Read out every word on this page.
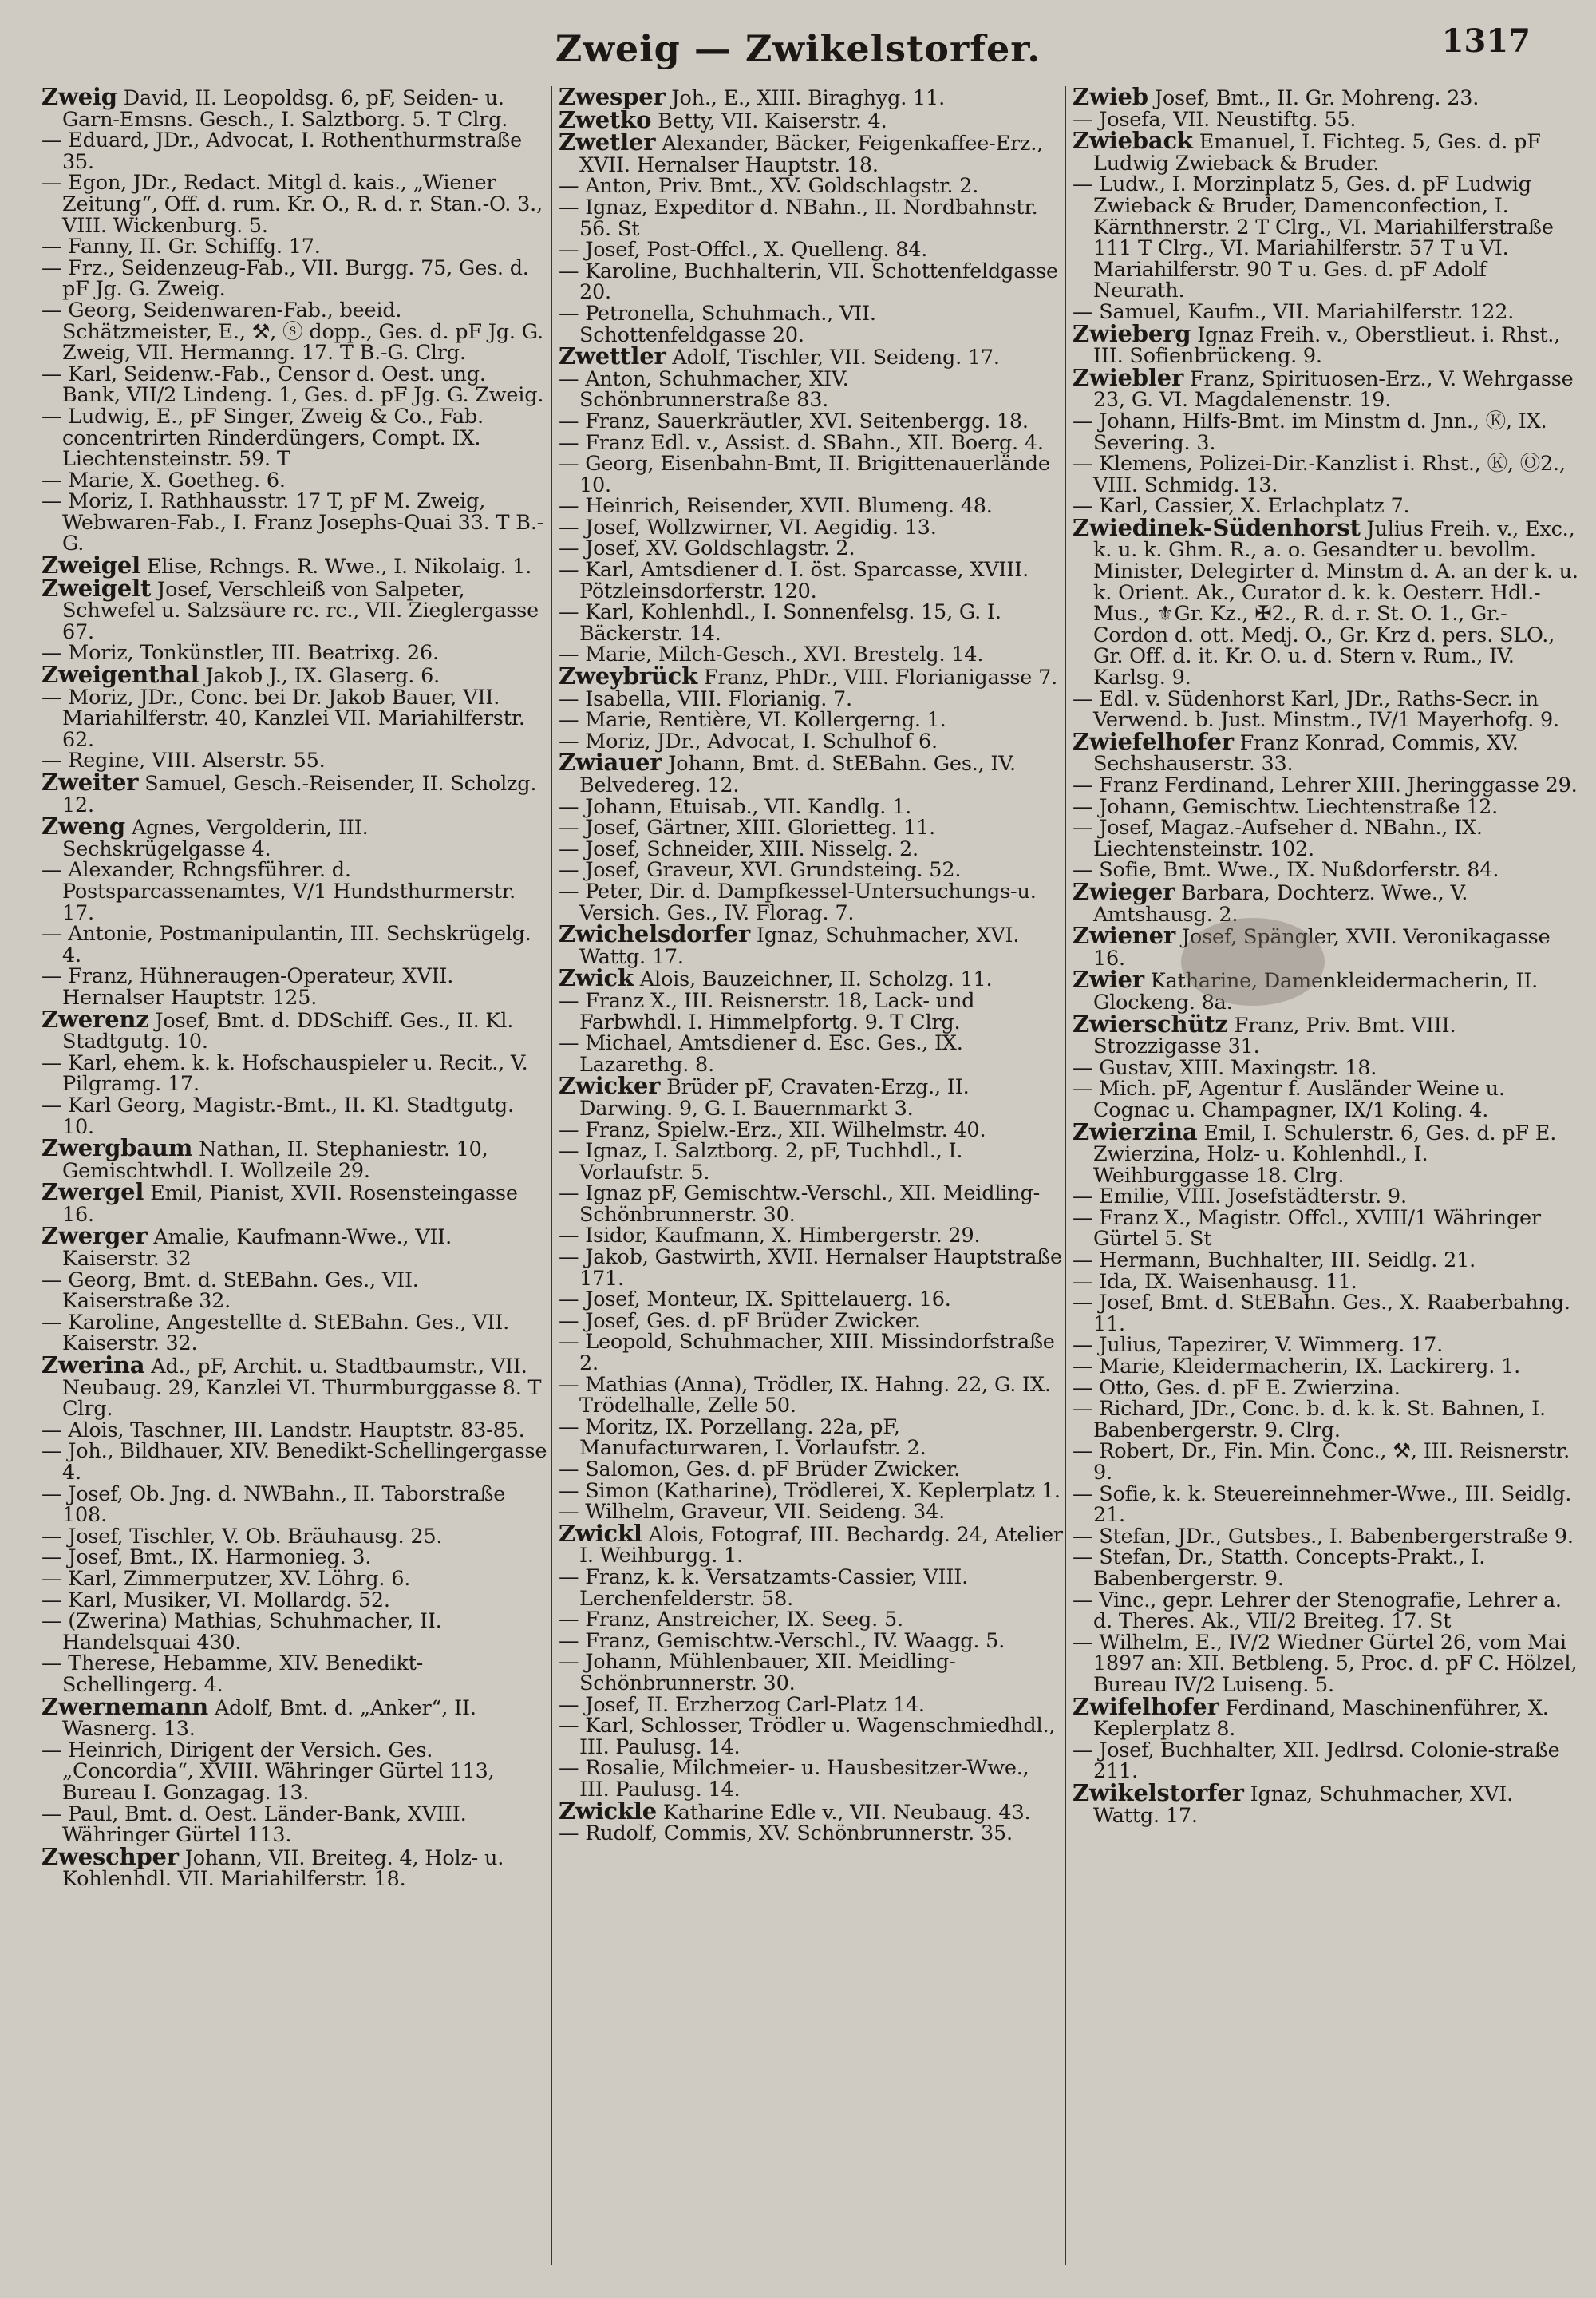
Zweig — Zwikelstorfer.	1317

Zweig David, II. Leopoldsg. 6, pF, Seiden- u. Garn-Emsns. Gesch., I. Salztborg. 5. T Clrg.

— Eduard, JDr., Advocat, I. Rothenthurmstraße 35.

— Egon, JDr., Redact. Mitgl d. kais., „Wiener Zeitung“, Off. d. rum. Kr. O., R. d. r. Stan.-O. 3., VIII. Wickenburg. 5.

— Fanny, II. Gr. Schiffg. 17.

— Frz., Seidenzeug-Fab., VII. Burgg. 75, Ges. d. pF Jg. G. Zweig.

— Georg, Seidenwaren-Fab., beeid. Schätzmeister, E., ⚒, ⓢ dopp., Ges. d. pF Jg. G. Zweig, VII. Hermanng. 17. T B.-G. Clrg.

— Karl, Seidenw.-Fab., Censor d. Oest. ung. Bank, VII/2 Lindeng. 1, Ges. d. pF Jg. G. Zweig.

— Ludwig, E., pF Singer, Zweig & Co., Fab. concentrirten Rinderdüngers, Compt. IX. Liechtensteinstr. 59. T

— Marie, X. Goetheg. 6.

— Moriz, I. Rathhausstr. 17 T, pF M. Zweig, Webwaren-Fab., I. Franz Josephs-Quai 33. T B.-G.

Zweigel Elise, Rchngs. R. Wwe., I. Nikolaig. 1.

Zweigelt Josef, Verschleiß von Salpeter, Schwefel u. Salzsäure rc. rc., VII. Zieglergasse 67.

— Moriz, Tonkünstler, III. Beatrixg. 26.

Zweigenthal Jakob J., IX. Glaserg. 6.

— Moriz, JDr., Conc. bei Dr. Jakob Bauer, VII. Mariahilferstr. 40, Kanzlei VII. Mariahilferstr. 62.

— Regine, VIII. Alserstr. 55.

Zweiter Samuel, Gesch.-Reisender, II. Scholzg. 12.

Zweng Agnes, Vergolderin, III. Sechskrügelgasse 4.

— Alexander, Rchngsführer. d. Postsparcassenamtes, V/1 Hundsthurmerstr. 17.

— Antonie, Postmanipulantin, III. Sechskrügelg. 4.

— Franz, Hühneraugen-Operateur, XVII. Hernalser Hauptstr. 125.

Zwerenz Josef, Bmt. d. DDSchiff. Ges., II. Kl. Stadtgutg. 10.

— Karl, ehem. k. k. Hofschauspieler u. Recit., V. Pilgramg. 17.

— Karl Georg, Magistr.-Bmt., II. Kl. Stadtgutg. 10.

Zwergbaum Nathan, II. Stephaniestr. 10, Gemischtwhdl. I. Wollzeile 29.

Zwergel Emil, Pianist, XVII. Rosensteingasse 16.

Zwerger Amalie, Kaufmann-Wwe., VII. Kaiserstr. 32

— Georg, Bmt. d. StEBahn. Ges., VII. Kaiserstraße 32.

— Karoline, Angestellte d. StEBahn. Ges., VII. Kaiserstr. 32.

Zwerina Ad., pF, Archit. u. Stadtbaumstr., VII. Neubaug. 29, Kanzlei VI. Thurmburggasse 8. T Clrg.

— Alois, Taschner, III. Landstr. Hauptstr. 83-85.

— Joh., Bildhauer, XIV. Benedikt-Schellingergasse 4.

— Josef, Ob. Jng. d. NWBahn., II. Taborstraße 108.

— Josef, Tischler, V. Ob. Bräuhausg. 25.

— Josef, Bmt., IX. Harmonieg. 3.

— Karl, Zimmerputzer, XV. Löhrg. 6.

— Karl, Musiker, VI. Mollardg. 52.

— (Zwerina) Mathias, Schuhmacher, II. Handelsquai 430.

— Therese, Hebamme, XIV. Benedikt-Schellingerg. 4.

Zwernemann Adolf, Bmt. d. „Anker“, II. Wasnerg. 13.

— Heinrich, Dirigent der Versich. Ges. „Concordia“, XVIII. Währinger Gürtel 113, Bureau I. Gonzagag. 13.

— Paul, Bmt. d. Oest. Länder-Bank, XVIII. Währinger Gürtel 113.

Zweschper Johann, VII. Breiteg. 4, Holz- u. Kohlenhdl. VII. Mariahilferstr. 18.

Zwesper Joh., E., XIII. Biraghyg. 11.

Zwetko Betty, VII. Kaiserstr. 4.

Zwetler Alexander, Bäcker, Feigenkaffee-Erz., XVII. Hernalser Hauptstr. 18.

— Anton, Priv. Bmt., XV. Goldschlagstr. 2.

— Ignaz, Expeditor d. NBahn., II. Nordbahnstr. 56. St

— Josef, Post-Offcl., X. Quelleng. 84.

— Karoline, Buchhalterin, VII. Schottenfeldgasse 20.

— Petronella, Schuhmach., VII. Schottenfeldgasse 20.

Zwettler Adolf, Tischler, VII. Seideng. 17.

— Anton, Schuhmacher, XIV. Schönbrunnerstraße 83.

— Franz, Sauerkräutler, XVI. Seitenbergg. 18.

— Franz Edl. v., Assist. d. SBahn., XII. Boerg. 4.

— Georg, Eisenbahn-Bmt, II. Brigittenauerlände 10.

— Heinrich, Reisender, XVII. Blumeng. 48.

— Josef, Wollzwirner, VI. Aegidig. 13.

— Josef, XV. Goldschlagstr. 2.

— Karl, Amtsdiener d. I. öst. Sparcasse, XVIII. Pötzleinsdorferstr. 120.

— Karl, Kohlenhdl., I. Sonnenfelsg. 15, G. I. Bäckerstr. 14.

— Marie, Milch-Gesch., XVI. Brestelg. 14.

Zweybrück Franz, PhDr., VIII. Florianigasse 7.

— Isabella, VIII. Florianig. 7.

— Marie, Rentière, VI. Kollergerng. 1.

— Moriz, JDr., Advocat, I. Schulhof 6.

Zwiauer Johann, Bmt. d. StEBahn. Ges., IV. Belvedereg. 12.

— Johann, Etuisab., VII. Kandlg. 1.

— Josef, Gärtner, XIII. Glorietteg. 11.

— Josef, Schneider, XIII. Nisselg. 2.

— Josef, Graveur, XVI. Grundsteing. 52.

— Peter, Dir. d. Dampfkessel-Untersuchungs-u. Versich. Ges., IV. Florag. 7.

Zwichelsdorfer Ignaz, Schuhmacher, XVI. Wattg. 17.

Zwick Alois, Bauzeichner, II. Scholzg. 11.

— Franz X., III. Reisnerstr. 18, Lack- und Farbwhdl. I. Himmelpfortg. 9. T Clrg.

— Michael, Amtsdiener d. Esc. Ges., IX. Lazarethg. 8.

Zwicker Brüder pF, Cravaten-Erzg., II. Darwing. 9, G. I. Bauernmarkt 3.

— Franz, Spielw.-Erz., XII. Wilhelmstr. 40.

— Ignaz, I. Salztborg. 2, pF, Tuchhdl., I. Vorlaufstr. 5.

— Ignaz pF, Gemischtw.-Verschl., XII. Meidling-Schönbrunnerstr. 30.

— Isidor, Kaufmann, X. Himbergerstr. 29.

— Jakob, Gastwirth, XVII. Hernalser Hauptstraße 171.

— Josef, Monteur, IX. Spittelauerg. 16.

— Josef, Ges. d. pF Brüder Zwicker.

— Leopold, Schuhmacher, XIII. Missindorfstraße 2.

— Mathias (Anna), Trödler, IX. Hahng. 22, G. IX. Trödelhalle, Zelle 50.

— Moritz, IX. Porzellang. 22a, pF, Manufacturwaren, I. Vorlaufstr. 2.

— Salomon, Ges. d. pF Brüder Zwicker.

— Simon (Katharine), Trödlerei, X. Keplerplatz 1.

— Wilhelm, Graveur, VII. Seideng. 34.

Zwickl Alois, Fotograf, III. Bechardg. 24, Atelier I. Weihburgg. 1.

— Franz, k. k. Versatzamts-Cassier, VIII. Lerchenfelderstr. 58.

— Franz, Anstreicher, IX. Seeg. 5.

— Franz, Gemischtw.-Verschl., IV. Waagg. 5.

— Johann, Mühlenbauer, XII. Meidling-Schönbrunnerstr. 30.

— Josef, II. Erzherzog Carl-Platz 14.

— Karl, Schlosser, Trödler u. Wagenschmiedhdl., III. Paulusg. 14.

— Rosalie, Milchmeier- u. Hausbesitzer-Wwe., III. Paulusg. 14.

Zwickle Katharine Edle v., VII. Neubaug. 43.

— Rudolf, Commis, XV. Schönbrunnerstr. 35.

Zwieb Josef, Bmt., II. Gr. Mohreng. 23.

— Josefa, VII. Neustiftg. 55.

Zwieback Emanuel, I. Fichteg. 5, Ges. d. pF Ludwig Zwieback & Bruder.

— Ludw., I. Morzinplatz 5, Ges. d. pF Ludwig Zwieback & Bruder, Damenconfection, I. Kärnthnerstr. 2 T Clrg., VI. Mariahilferstraße 111 T Clrg., VI. Mariahilferstr. 57 T u VI. Mariahilferstr. 90 T u. Ges. d. pF Adolf Neurath.

— Samuel, Kaufm., VII. Mariahilferstr. 122.

Zwieberg Ignaz Freih. v., Oberstlieut. i. Rhst., III. Sofienbrückeng. 9.

Zwiebler Franz, Spirituosen-Erz., V. Wehrgasse 23, G. VI. Magdalenenstr. 19.

— Johann, Hilfs-Bmt. im Minstm d. Jnn., Ⓚ, IX. Severing. 3.

— Klemens, Polizei-Dir.-Kanzlist i. Rhst., Ⓚ, Ⓞ2., VIII. Schmidg. 13.

— Karl, Cassier, X. Erlachplatz 7.

Zwiedinek-Südenhorst Julius Freih. v., Exc., k. u. k. Ghm. R., a. o. Gesandter u. bevollm. Minister, Delegirter d. Minstm d. A. an der k. u. k. Orient. Ak., Curator d. k. k. Oesterr. Hdl.-Mus., ⚜Gr. Kz., ✠2., R. d. r. St. O. 1., Gr.-Cordon d. ott. Medj. O., Gr. Krz d. pers. SLO., Gr. Off. d. it. Kr. O. u. d. Stern v. Rum., IV. Karlsg. 9.

— Edl. v. Südenhorst Karl, JDr., Raths-Secr. in Verwend. b. Just. Minstm., IV/1 Mayerhofg. 9.

Zwiefelhofer Franz Konrad, Commis, XV. Sechshauserstr. 33.

— Franz Ferdinand, Lehrer XIII. Jheringgasse 29.

— Johann, Gemischtw. Liechtenstraße 12.

— Josef, Magaz.-Aufseher d. NBahn., IX. Liechtensteinstr. 102.

— Sofie, Bmt. Wwe., IX. Nußdorferstr. 84.

Zwieger Barbara, Dochterz. Wwe., V. Amtshausg. 2.

Zwiener Josef, Spängler, XVII. Veronikagasse 16.

Zwier Katharine, Damenkleidermacherin, II. Glockeng. 8a.

Zwierschütz Franz, Priv. Bmt. VIII. Strozzigasse 31.

— Gustav, XIII. Maxingstr. 18.

— Mich. pF, Agentur f. Ausländer Weine u. Cognac u. Champagner, IX/1 Koling. 4.

Zwierzina Emil, I. Schulerstr. 6, Ges. d. pF E. Zwierzina, Holz- u. Kohlenhdl., I. Weihburggasse 18. Clrg.

— Emilie, VIII. Josefstädterstr. 9.

— Franz X., Magistr. Offcl., XVIII/1 Währinger Gürtel 5. St

— Hermann, Buchhalter, III. Seidlg. 21.

— Ida, IX. Waisenhausg. 11.

— Josef, Bmt. d. StEBahn. Ges., X. Raaberbahng. 11.

— Julius, Tapezirer, V. Wimmerg. 17.

— Marie, Kleidermacherin, IX. Lackirerg. 1.

— Otto, Ges. d. pF E. Zwierzina.

— Richard, JDr., Conc. b. d. k. k. St. Bahnen, I. Babenbergerstr. 9. Clrg.

— Robert, Dr., Fin. Min. Conc., ⚒, III. Reisnerstr. 9.

— Sofie, k. k. Steuereinnehmer-Wwe., III. Seidlg. 21.

— Stefan, JDr., Gutsbes., I. Babenbergerstraße 9.

— Stefan, Dr., Statth. Concepts-Prakt., I. Babenbergerstr. 9.

— Vinc., gepr. Lehrer der Stenografie, Lehrer a. d. Theres. Ak., VII/2 Breiteg. 17. St

— Wilhelm, E., IV/2 Wiedner Gürtel 26, vom Mai 1897 an: XII. Betbleng. 5, Proc. d. pF C. Hölzel, Bureau IV/2 Luiseng. 5.

Zwifelhofer Ferdinand, Maschinenführer, X. Keplerplatz 8.

— Josef, Buchhalter, XII. Jedlrsd. Colonie-straße 211.

Zwikelstorfer Ignaz, Schuhmacher, XVI. Wattg. 17.
